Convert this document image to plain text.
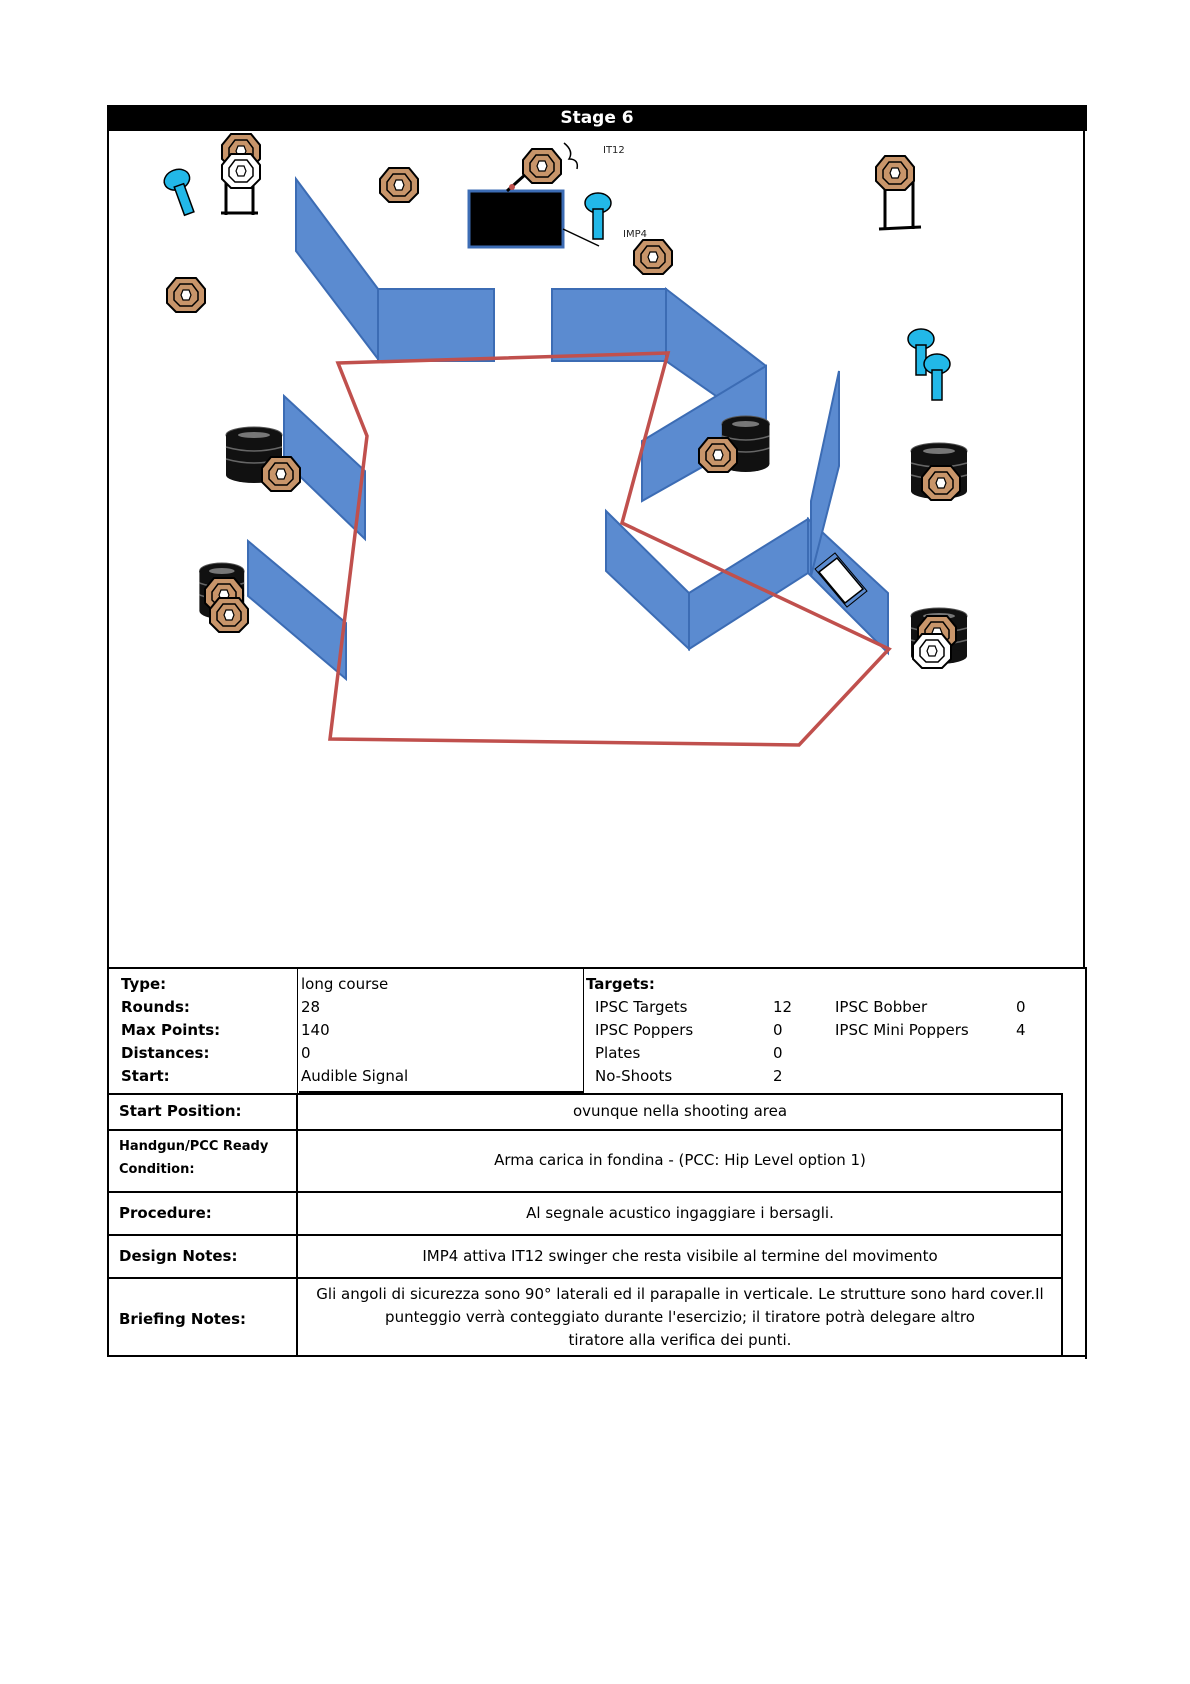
Stage 6
IT12
IMP4
Type:	long course
Rounds:	28
Max Points:	140
Distances:	0
Start:	Audible Signal
Targets:
IPSC Targets	12
IPSC Poppers	0
Plates	0
No-Shoots	2
IPSC Bobber	0
IPSC Mini Poppers	4
Start Position:	ovunque nella shooting area
Handgun/PCC Ready
Condition:
Arma carica in fondina - (PCC: Hip Level option 1)
Procedure:	Al segnale acustico ingaggiare i bersagli.
Design Notes:	IMP4 attiva IT12 swinger che resta visibile al termine del movimento
Briefing Notes:
Gli angoli di sicurezza sono 90° laterali ed il parapalle in verticale. Le strutture sono hard cover.Il
punteggio verrà conteggiato durante l'esercizio; il tiratore potrà delegare altro
tiratore alla verifica dei punti.
